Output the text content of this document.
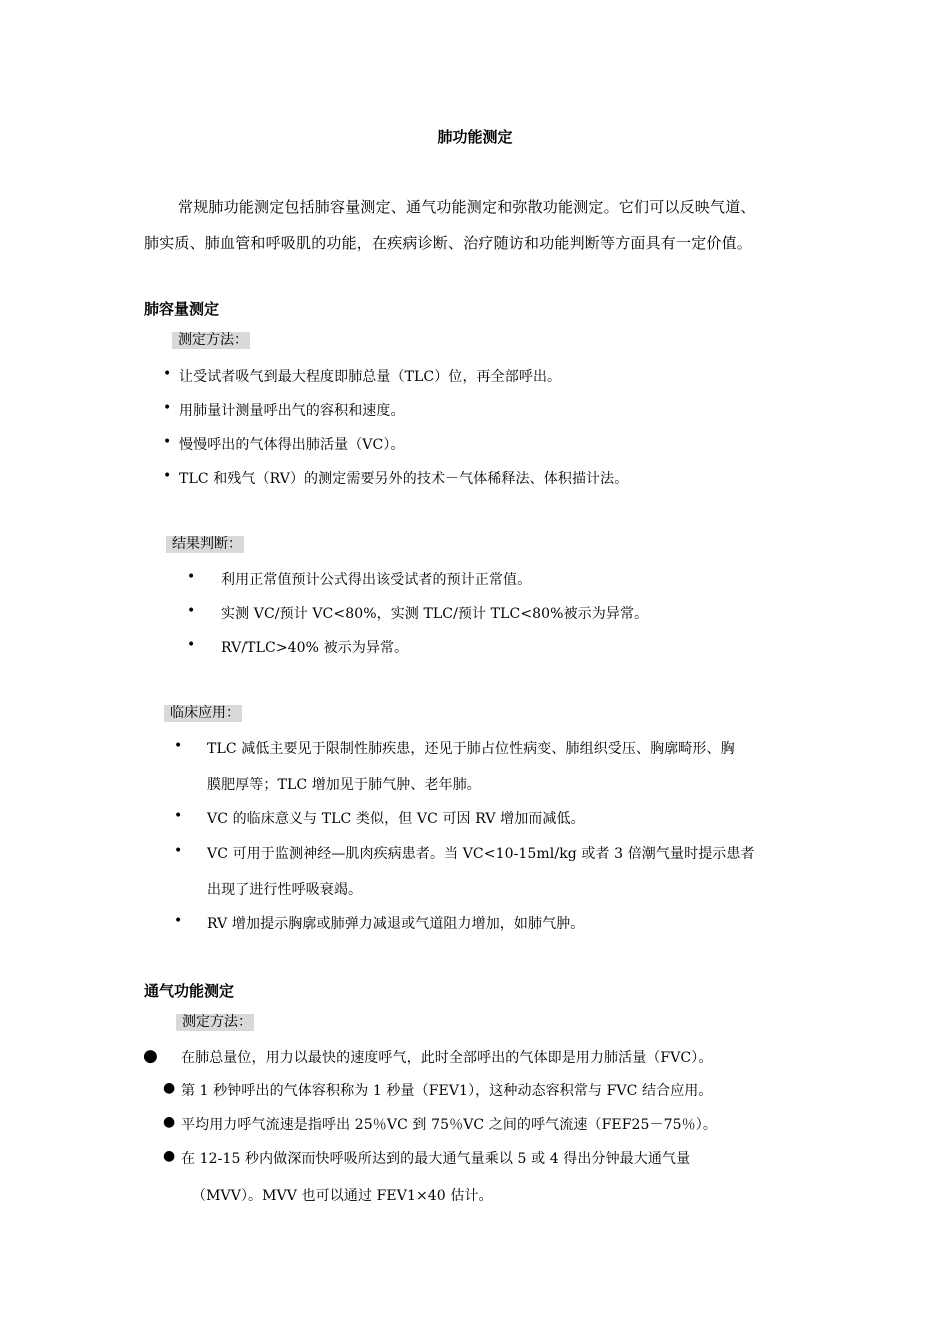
肺功能测定
常规肺功能测定包括肺容量测定、通气功能测定和弥散功能测定。它们可以反映气道、
肺实质、肺血管和呼吸肌的功能，在疾病诊断、治疗随访和功能判断等方面具有一定价值。
肺容量测定
测定方法：
• 让受试者吸气到最大程度即肺总量（TLC）位，再全部呼出。
• 用肺量计测量呼出气的容积和速度。
• 慢慢呼出的气体得出肺活量（VC）。
• TLC 和残气（RV）的测定需要另外的技术－气体稀释法、体积描计法。
结果判断：
• 利用正常值预计公式得出该受试者的预计正常值。
• 实测 VC/预计 VC<80%，实测 TLC/预计 TLC<80%被示为异常。
• RV/TLC>40% 被示为异常。
临床应用：
• TLC 减低主要见于限制性肺疾患，还见于肺占位性病变、肺组织受压、胸廓畸形、胸
膜肥厚等；TLC 增加见于肺气肿、老年肺。
• VC 的临床意义与 TLC 类似，但 VC 可因 RV 增加而减低。
• VC 可用于监测神经—肌肉疾病患者。当 VC<10-15ml/kg 或者 3 倍潮气量时提示患者
出现了进行性呼吸衰竭。
• RV 增加提示胸廓或肺弹力减退或气道阻力增加，如肺气肿。
通气功能测定
测定方法：
● 在肺总量位，用力以最快的速度呼气，此时全部呼出的气体即是用力肺活量（FVC）。
● 第 1 秒钟呼出的气体容积称为 1 秒量（FEV1），这种动态容积常与 FVC 结合应用。
● 平均用力呼气流速是指呼出 25％VC 到 75％VC 之间的呼气流速（FEF25－75％）。
● 在 12-15 秒内做深而快呼吸所达到的最大通气量乘以 5 或 4 得出分钟最大通气量
（MVV）。MVV 也可以通过 FEV1×40 估计。
